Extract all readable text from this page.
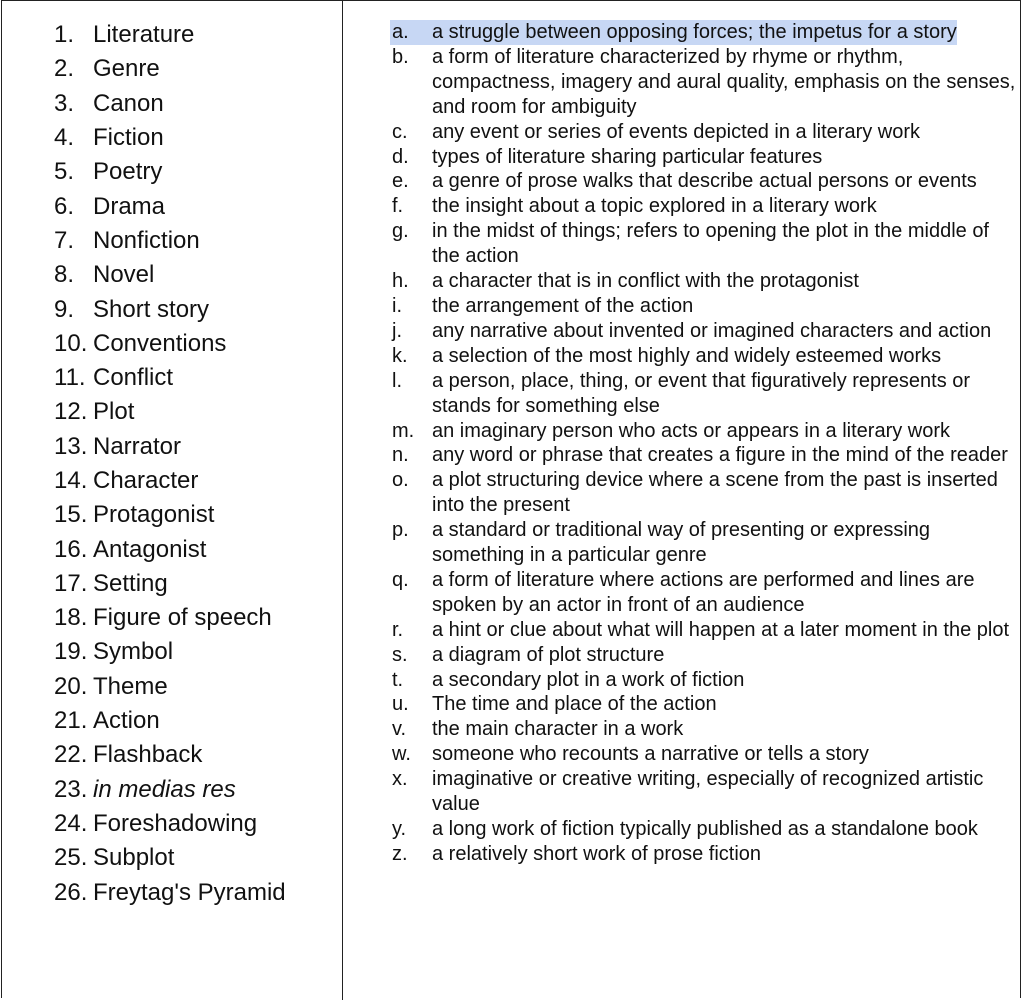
1. Literature
2. Genre
3. Canon
4. Fiction
5. Poetry
6. Drama
7. Nonfiction
8. Novel
9. Short story
10. Conventions
11. Conflict
12. Plot
13. Narrator
14. Character
15. Protagonist
16. Antagonist
17. Setting
18. Figure of speech
19. Symbol
20. Theme
21. Action
22. Flashback
23. in medias res
24. Foreshadowing
25. Subplot
26. Freytag's Pyramid
a.	a struggle between opposing forces; the impetus for a story
b.	a form of literature characterized by rhyme or rhythm, compactness, imagery and aural quality, emphasis on the senses, and room for ambiguity
c.	any event or series of events depicted in a literary work
d.	types of literature sharing particular features
e.	a genre of prose walks that describe actual persons or events
f.	the insight about a topic explored in a literary work
g.	in the midst of things; refers to opening the plot in the middle of the action
h.	a character that is in conflict with the protagonist
i.	the arrangement of the action
j.	any narrative about invented or imagined characters and action
k.	a selection of the most highly and widely esteemed works
l.	a person, place, thing, or event that figuratively represents or stands for something else
m. an imaginary person who acts or appears in a literary work
n.	any word or phrase that creates a figure in the mind of the reader
o.	a plot structuring device where a scene from the past is inserted into the present
p.	a standard or traditional way of presenting or expressing something in a particular genre
q.	a form of literature where actions are performed and lines are spoken by an actor in front of an audience
r.	a hint or clue about what will happen at a later moment in the plot
s.	a diagram of plot structure
t.	a secondary plot in a work of fiction
u.	The time and place of the action
v.	the main character in a work
w.	someone who recounts a narrative or tells a story
x.	imaginative or creative writing, especially of recognized artistic value
y.	a long work of fiction typically published as a standalone book
z.	a relatively short work of prose fiction
